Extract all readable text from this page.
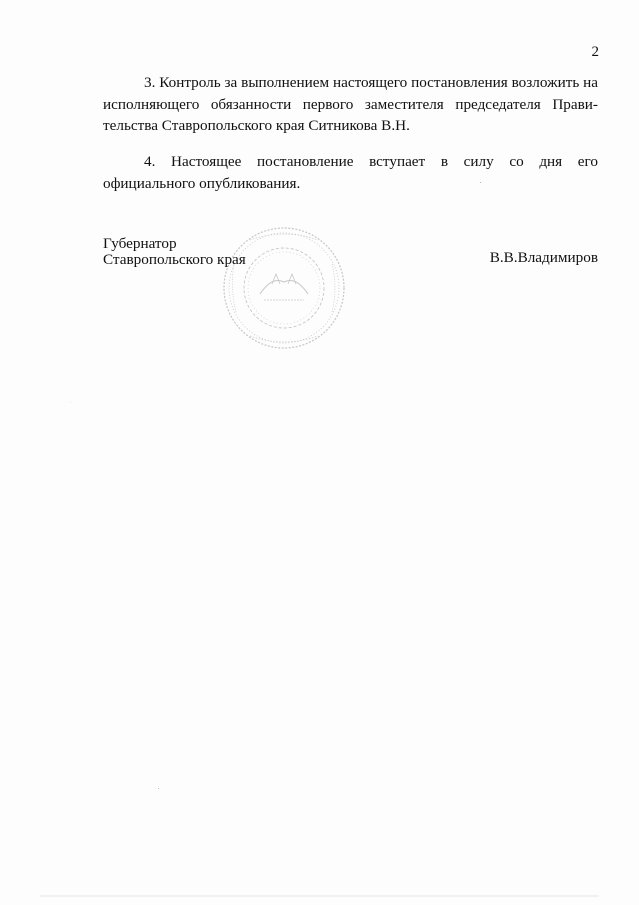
2

3. Контроль за выполнением настоящего постановления возложить на исполняющего обязанности первого заместителя председателя Прави-тельства Ставропольского края Ситникова В.Н.

4. Настоящее постановление вступает в силу со дня его официального опубликования.

Губернатор
Ставропольского края	В.В.Владимиров
